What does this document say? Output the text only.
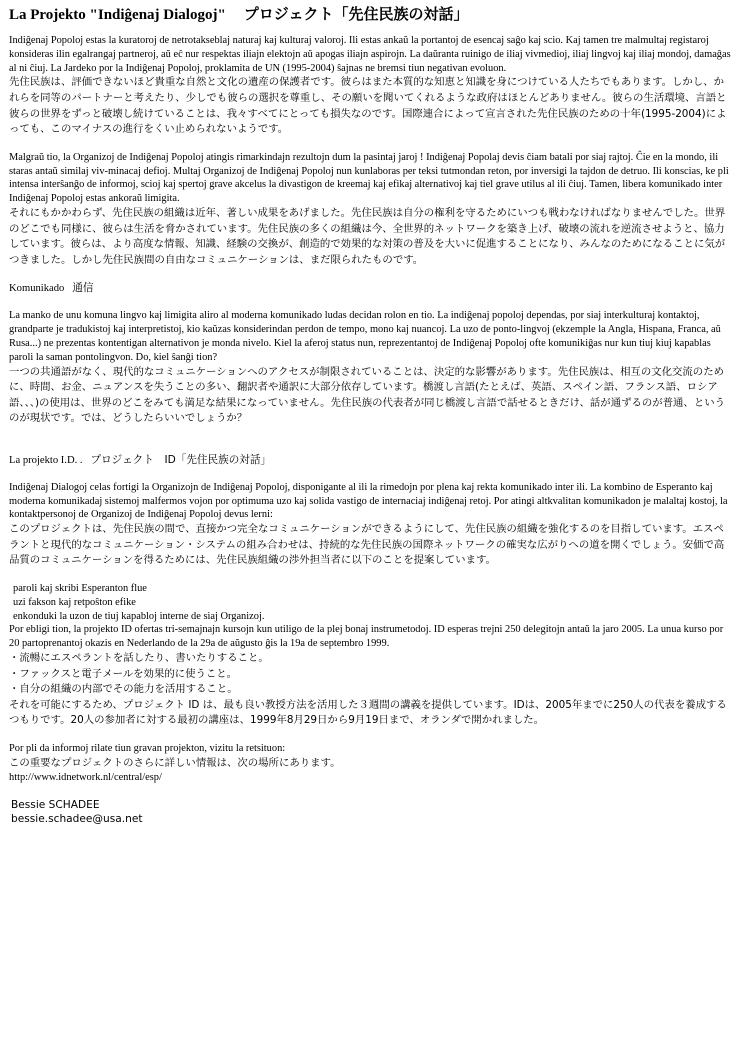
La Projekto "Indiĝenaj Dialogoj" プロジェクト「先住民族の対話」

Indiĝenaj Popoloj estas la kuratoroj de netrotakseblaj naturaj kaj kulturaj valoroj. Ili estas ankaŭ la portantoj de esencaj saĝo kaj scio. Kaj tamen tre malmultaj registaroj konsideras ilin egalrangaj partneroj, aŭ eĉ nur respektas iliajn elektojn aŭ apogas iliajn aspirojn. La daŭranta ruinigo de iliaj vivmedioj, iliaj lingvoj kaj iliaj mondoj, damaĝas al ni ĉiuj. La Jardeko por la Indiĝenaj Popoloj, proklamita de UN (1995-2004) ŝajnas ne bremsi tiun negativan evoluon.

先住民族は、評価できないほど貴重な自然と文化の遺産の保護者です。彼らはまた本質的な知恵と知識を身につけている人たちでもあります。しかし、かれらを同等のパートナーと考えたり、少しでも彼らの選択を尊重し、その願いを聞いてくれるような政府はほとんどありません。彼らの生活環境、言語と彼らの世界をずっと破壊し続けていることは、我々すべてにとっても損失なのです。国際連合によって宣言された先住民族のための十年(1995-2004)によっても、このマイナスの進行をくい止められないようです。

Malgraŭ tio, la Organizoj de Indiĝenaj Popoloj atingis rimarkindajn rezultojn dum la pasintaj jaroj ! Indiĝenaj Popolaj devis ĉiam batali por siaj rajtoj. Ĉie en la mondo, ili staras antaŭ similaj viv-minacaj defioj. Multaj Organizoj de Indiĝenaj Popoloj nun kunlaboras per teksi tutmondan reton, por inversigi la tajdon de detruo. Ili konscias, ke pli intensa interŝanĝo de informoj, scioj kaj spertoj grave akcelus la divastigon de kreemaj kaj efikaj alternativoj kaj tiel grave utilus al ili ĉiuj. Tamen, libera komunikado inter Indiĝenaj Popoloj estas ankoraŭ limigita.

それにもかかわらず、先住民族の組織は近年、著しい成果をあげました。先住民族は自分の権利を守るためにいつも戦わなければなりませんでした。世界のどこでも同様に、彼らは生活を脅かされています。先住民族の多くの組織は今、全世界的ネットワークを築き上げ、破壊の流れを逆流させようと、協力しています。彼らは、より高度な情報、知識、経験の交換が、創造的で効果的な対策の普及を大いに促進することになり、みんなのためになることに気がつきました。しかし先住民族間の自由なコミュニケーションは、まだ限られたものです。

Komunikado 通信

La manko de unu komuna lingvo kaj limigita aliro al moderna komunikado ludas decidan rolon en tio. La indiĝenaj popoloj dependas, por siaj interkulturaj kontaktoj, grandparte je tradukistoj kaj interpretistoj, kio kaŭzas konsiderindan perdon de tempo, mono kaj nuancoj. La uzo de ponto-lingvoj (ekzemple la Angla, Hispana, Franca, aŭ Rusa...) ne prezentas kontentigan alternativon je monda nivelo. Kiel la aferoj status nun, reprezentantoj de Indiĝenaj Popoloj ofte komunikiĝas nur kun tiuj kiuj kapablas paroli la saman pontolingvon. Do, kiel ŝanĝi tion?

一つの共通語がなく、現代的なコミュニケーションへのアクセスが制限されていることは、決定的な影響があります。先住民族は、相互の文化交流のために、時間、お金、ニュアンスを失うことの多い、翻訳者や通訳に大部分依存しています。橋渡し言語(たとえば、英語、スペイン語、フランス語、ロシア語、、、)の使用は、世界のどこをみても満足な結果になっていません。先住民族の代表者が同じ橋渡し言語で話せるときだけ、話が通ずるのが普通、というのが現状です。では、どうしたらいいでしょうか？

La projekto I.D. . プロジェクト　ID「先住民族の対話」

Indiĝenaj Dialogoj celas fortigi la Organizojn de Indiĝenaj Popoloj, disponigante al ili la rimedojn por plena kaj rekta komunikado inter ili. La kombino de Esperanto kaj moderna komunikadaj sistemoj malfermos vojon por optimuma uzo kaj solida vastigo de internaciaj indiĝenaj retoj. Por atingi altkvalitan komunikadon je malaltaj kostoj, la kontaktpersonoj de Organizoj de Indiĝenaj Popoloj devus lerni:

このプロジェクトは、先住民族の間で、直接かつ完全なコミュニケーションができるようにして、先住民族の組織を強化するのを目指しています。エスペラントと現代的なコミュニケーション・システムの組み合わせは、持続的な先住民族の国際ネットワークの確実な広がりへの道を開くでしょう。安価で高品質のコミュニケーションを得るためには、先住民族組織の渉外担当者に以下のことを提案しています。

paroli kaj skribi Esperanton flue
uzi fakson kaj retpoŝton efike
enkonduki la uzon de tiuj kapabloj interne de siaj Organizoj.

Por ebligi tion, la projekto ID ofertas tri-semajnajn kursojn kun utiligo de la plej bonaj instrumetodoj. ID esperas trejni 250 delegitojn antaŭ la jaro 2005. La unua kurso por 20 partoprenantoj okazis en Nederlando de la 29a de aŭgusto ĝis la 19a de septembro 1999.

・流暢にエスペラントを話したり、書いたりすること。

・ファックスと電子メールを効果的に使うこと。

・自分の組織の内部でその能力を活用すること。

それを可能にするため、プロジェクト ID は、最も良い教授方法を活用した３週間の講義を提供しています。IDは、2005年までに250人の代表を養成するつもりです。20人の参加者に対する最初の講座は、1999年8月29日から9月19日まで、オランダで開かれました。

Por pli da informoj rilate tiun gravan projekton, vizitu la retsituon:

この重要なプロジェクトのさらに詳しい情報は、次の場所にあります。

http://www.idnetwork.nl/central/esp/

Bessie SCHADEE

bessie.schadee@usa.net
